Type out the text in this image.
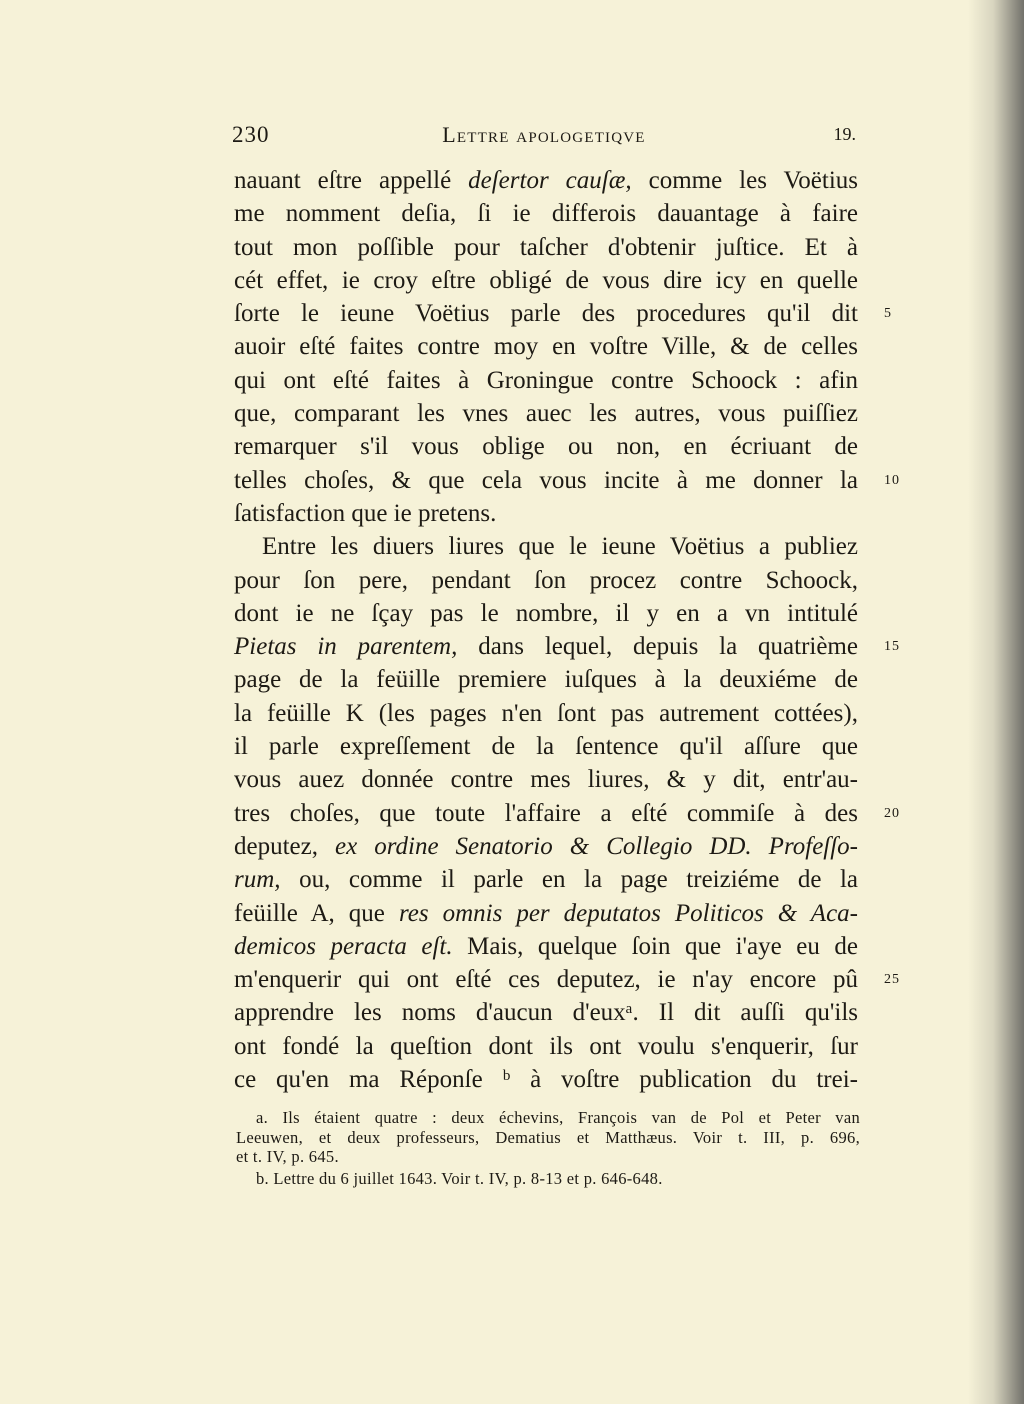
230	Lettre apologetiqve	19.
nauant eſtre appellé deſertor cauſæ, comme les Voëtius
me nomment deſia, ſi ie differois dauantage à faire
tout mon poſſible pour taſcher d'obtenir juſtice. Et à
cét effet, ie croy eſtre obligé de vous dire icy en quelle
ſorte le ieune Voëtius parle des procedures qu'il dit 5
auoir eſté faites contre moy en voſtre Ville, & de celles
qui ont eſté faites à Groningue contre Schoock : afin
que, comparant les vnes auec les autres, vous puiſſiez
remarquer s'il vous oblige ou non, en écriuant de
telles choſes, & que cela vous incite à me donner la 10
ſatisfaction que ie pretens.
Entre les diuers liures que le ieune Voëtius a publiez
pour ſon pere, pendant ſon procez contre Schoock,
dont ie ne ſçay pas le nombre, il y en a vn intitulé
Pietas in parentem, dans lequel, depuis la quatrième 15
page de la feüille premiere iuſques à la deuxiéme de
la feüille K (les pages n'en ſont pas autrement cottées),
il parle expreſſement de la ſentence qu'il aſſure que
vous auez donnée contre mes liures, & y dit, entr'au-
tres choſes, que toute l'affaire a eſté commiſe à des 20
deputez, ex ordine Senatorio & Collegio DD. Profeſſo-
rum, ou, comme il parle en la page treiziéme de la
feüille A, que res omnis per deputatos Politicos & Aca-
demicos peracta eſt. Mais, quelque ſoin que i'aye eu de
m'enquerir qui ont eſté ces deputez, ie n'ay encore pû 25
apprendre les noms d'aucun d'euxᵃ. Il dit auſſi qu'ils
ont fondé la queſtion dont ils ont voulu s'enquerir, ſur
ce qu'en ma Réponſe ᵇ à voſtre publication du trei-
a. Ils étaient quatre : deux échevins, François van de Pol et Peter van
Leeuwen, et deux professeurs, Dematius et Matthæus. Voir t. III, p. 696,
et t. IV, p. 645.
b. Lettre du 6 juillet 1643. Voir t. IV, p. 8-13 et p. 646-648.
